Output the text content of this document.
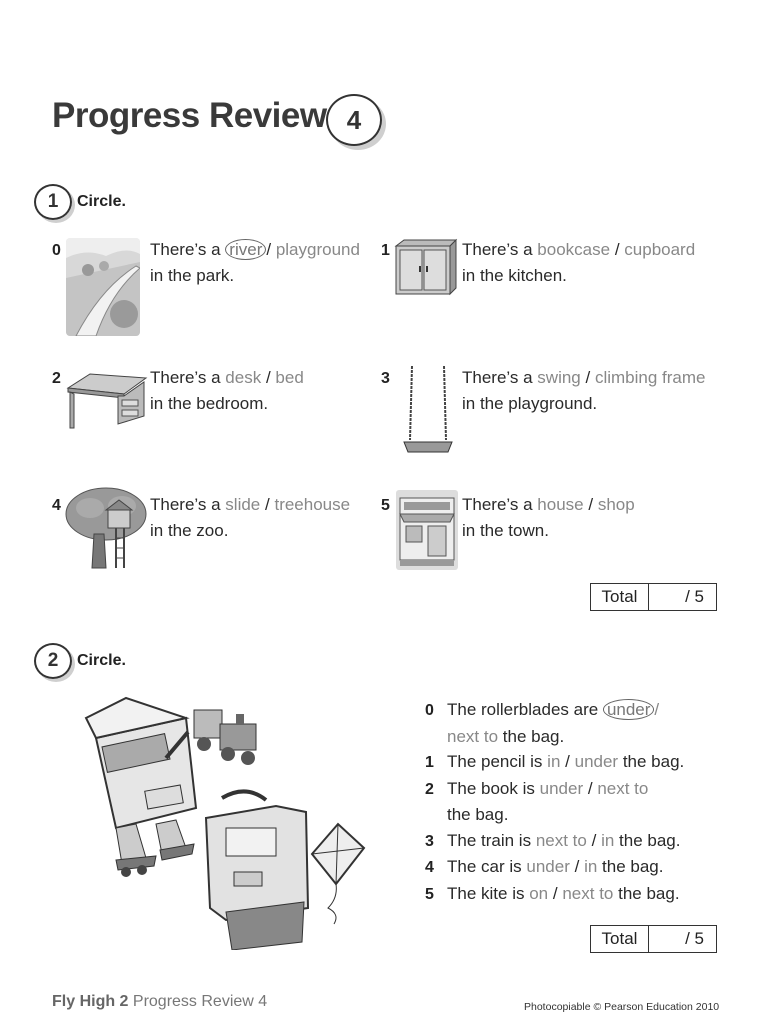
Progress Review 4
1	Circle.
0	There’s a river / playground
in the park.
1	There’s a bookcase / cupboard
in the kitchen.
2	There’s a desk / bed
in the bedroom.
3	There’s a swing / climbing frame
in the playground.
4	There’s a slide / treehouse
in the zoo.
5	There’s a house / shop
in the town.
Total	/ 5
2	Circle.
0 The rollerblades are under /
next to the bag.
1 The pencil is in / under the bag.
2 The book is under / next to
the bag.
3 The train is next to / in the bag.
4 The car is under / in the bag.
5 The kite is on / next to the bag.
Total	/ 5
Fly High 2 Progress Review 4	Photocopiable © Pearson Education 2010
